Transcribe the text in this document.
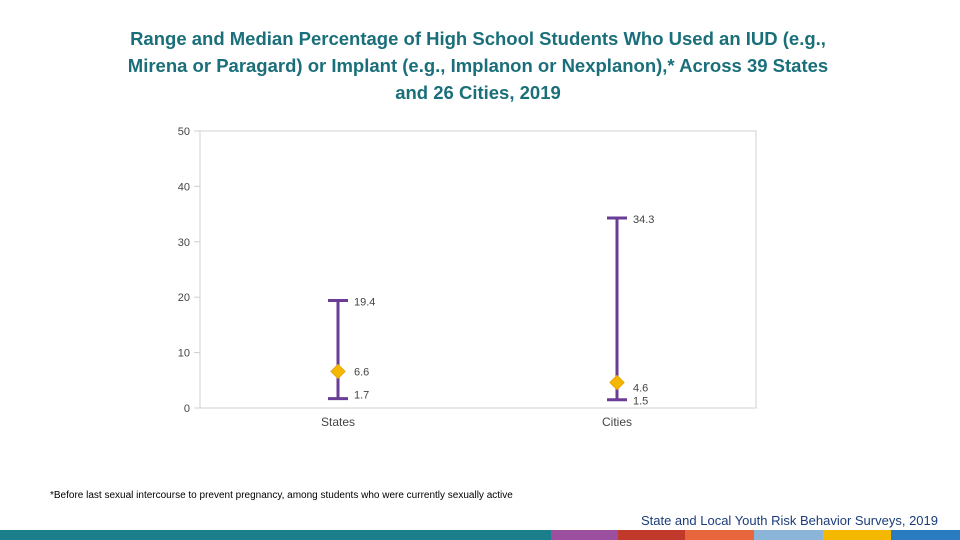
Range and Median Percentage of High School Students Who Used an IUD (e.g., Mirena or Paragard) or Implant (e.g., Implanon or Nexplanon),* Across 39 States and 26 Cities, 2019
0
10
20
30
40
50
19.4
6.6
1.7
States
34.3
4.6
1.5
Cities
*Before last sexual intercourse to prevent pregnancy, among students who were currently sexually active
State and Local Youth Risk Behavior Surveys, 2019
